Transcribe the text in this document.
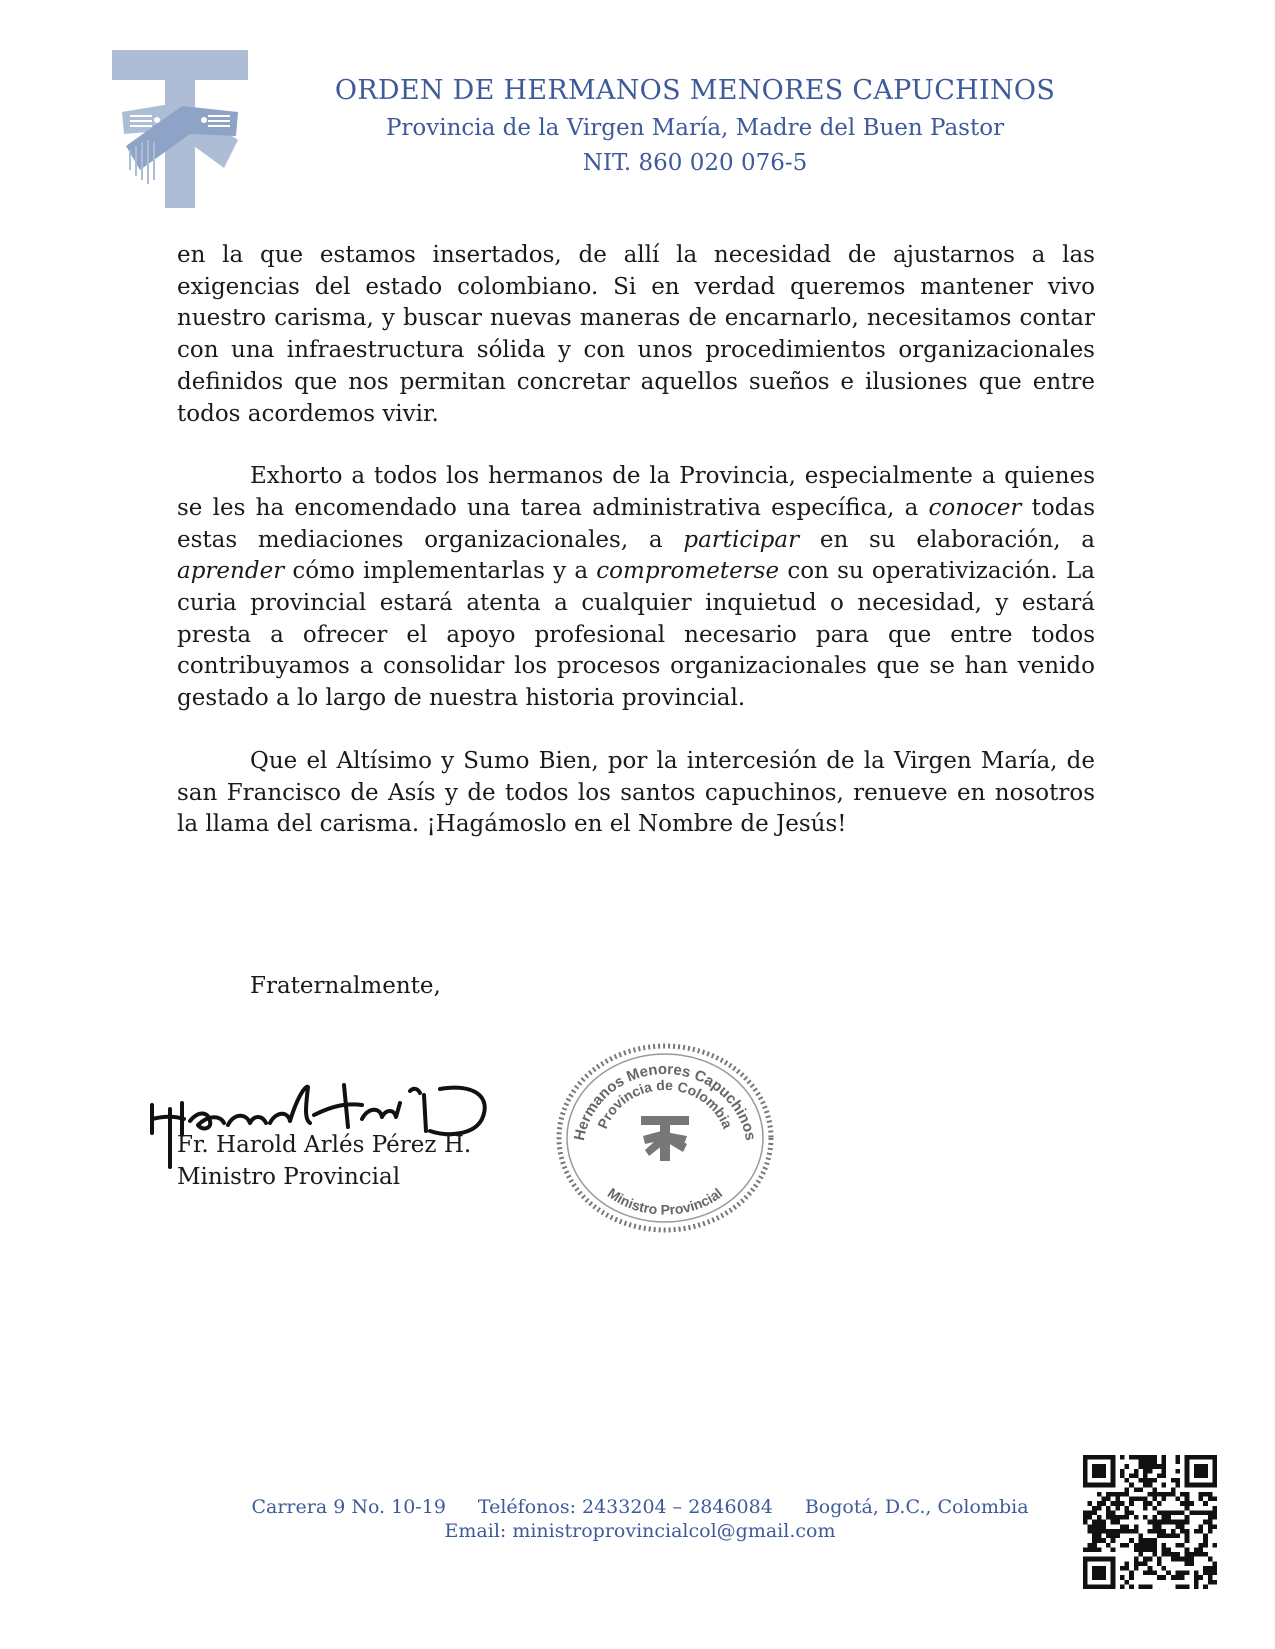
ORDEN DE HERMANOS MENORES CAPUCHINOS

Provincia de la Virgen María, Madre del Buen Pastor

NIT. 860 020 076-5

en la que estamos insertados, de allí la necesidad de ajustarnos a las exigencias del estado colombiano. Si en verdad queremos mantener vivo nuestro carisma, y buscar nuevas maneras de encarnarlo, necesitamos contar con una infraestructura sólida y con unos procedimientos organizacionales definidos que nos permitan concretar aquellos sueños e ilusiones que entre todos acordemos vivir.

Exhorto a todos los hermanos de la Provincia, especialmente a quienes se les ha encomendado una tarea administrativa específica, a conocer todas estas mediaciones organizacionales, a participar en su elaboración, a aprender cómo implementarlas y a comprometerse con su operativización. La curia provincial estará atenta a cualquier inquietud o necesidad, y estará presta a ofrecer el apoyo profesional necesario para que entre todos contribuyamos a consolidar los procesos organizacionales que se han venido gestado a lo largo de nuestra historia provincial.

Que el Altísimo y Sumo Bien, por la intercesión de la Virgen María, de san Francisco de Asís y de todos los santos capuchinos, renueve en nosotros la llama del carisma. ¡Hagámoslo en el Nombre de Jesús!

Fraternalmente,
Fr. Harold Arlés Pérez H.
Ministro Provincial
Hermanos Menores Capuchinos
Provincia de Colombia
Ministro Provincial
Carrera 9 No. 10-19 Teléfonos: 2433204 – 2846084 Bogotá, D.C., Colombia
Email: ministroprovincialcol@gmail.com
